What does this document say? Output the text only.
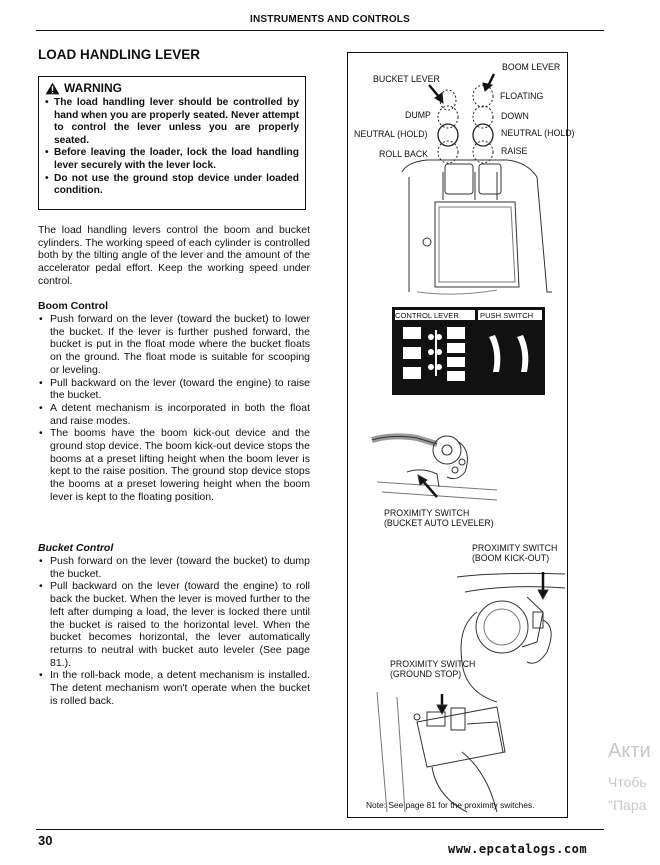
INSTRUMENTS AND CONTROLS
LOAD HANDLING LEVER
WARNING
• The load handling lever should be controlled by hand when you are properly seated. Never attempt to control the lever unless you are properly seated.
• Before leaving the loader, lock the load handling lever securely with the lever lock.
• Do not use the ground stop device under loaded condition.
The load handling levers control the boom and bucket cylinders. The working speed of each cylinder is controlled both by the tilting angle of the lever and the amount of the accelerator pedal effort. Keep the working speed under control.
Boom Control
• Push forward on the lever (toward the bucket) to lower the bucket. If the lever is further pushed forward, the bucket is put in the float mode where the bucket floats on the ground. The float mode is suitable for scooping or leveling.
• Pull backward on the lever (toward the engine) to raise the bucket.
• A detent mechanism is incorporated in both the float and raise modes.
• The booms have the boom kick-out device and the ground stop device. The boom kick-out device stops the booms at a preset lifting height when the boom lever is kept to the raise position. The ground stop device stops the booms at a preset lowering height when the boom lever is kept to the floating position.
Bucket Control
• Push forward on the lever (toward the bucket) to dump the bucket.
• Pull backward on the lever (toward the engine) to roll back the bucket. When the lever is moved further to the left after dumping a load, the lever is locked there until the bucket is raised to the horizontal level. When the bucket becomes horizontal, the lever automatically returns to neutral with bucket auto leveler (See page 81.).
• In the roll-back mode, a detent mechanism is installed. The detent mechanism won't operate when the bucket is rolled back.
BOOM LEVER
BUCKET LEVER
FLOATING
DUMP	DOWN
NEUTRAL (HOLD)	NEUTRAL (HOLD)
ROLL BACK	RAISE
CONTROL LEVER	PUSH SWITCH
PROXIMITY SWITCH
(BUCKET AUTO LEVELER)
PROXIMITY SWITCH
(BOOM KICK-OUT)
PROXIMITY SWITCH
(GROUND STOP)
Note: See page 81 for the proximity switches.
30
www.epcatalogs.com
Акти
Чтобь
"Пара
